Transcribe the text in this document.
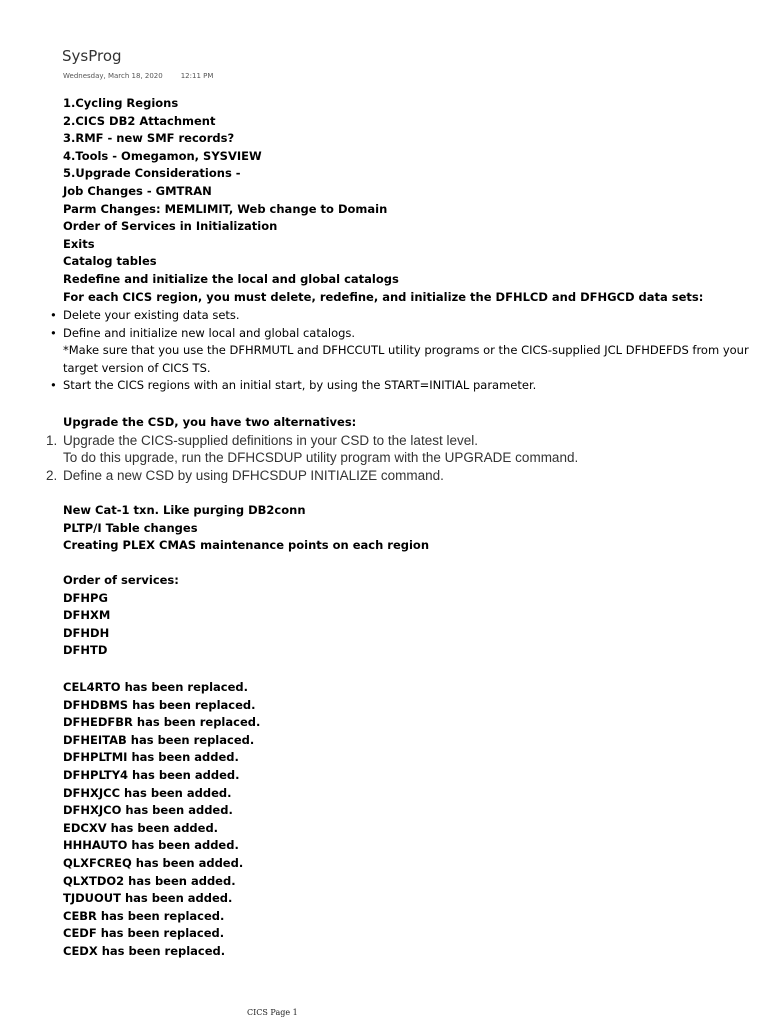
SysProg
Wednesday, March 18, 2020	12:11 PM
1.Cycling Regions
2.CICS DB2 Attachment
3.RMF - new SMF records?
4.Tools - Omegamon, SYSVIEW
5.Upgrade Considerations -
Job Changes - GMTRAN
Parm Changes: MEMLIMIT, Web change to Domain
Order of Services in Initialization
Exits
Catalog tables
Redefine and initialize the local and global catalogs
For each CICS region, you must delete, redefine, and initialize the DFHLCD and DFHGCD data sets:
• Delete your existing data sets.
• Define and initialize new local and global catalogs.
*Make sure that you use the DFHRMUTL and DFHCCUTL utility programs or the CICS-supplied JCL DFHDEFDS from your
target version of CICS TS.
• Start the CICS regions with an initial start, by using the START=INITIAL parameter.
Upgrade the CSD, you have two alternatives:
1. Upgrade the CICS-supplied definitions in your CSD to the latest level.
To do this upgrade, run the DFHCSDUP utility program with the UPGRADE command.
2. Define a new CSD by using DFHCSDUP INITIALIZE command.
New Cat-1 txn. Like purging DB2conn
PLTP/I Table changes
Creating PLEX CMAS maintenance points on each region
Order of services:
DFHPG
DFHXM
DFHDH
DFHTD
CEL4RTO has been replaced.
DFHDBMS has been replaced.
DFHEDFBR has been replaced.
DFHEITAB has been replaced.
DFHPLTMI has been added.
DFHPLTY4 has been added.
DFHXJCC has been added.
DFHXJCO has been added.
EDCXV has been added.
HHHAUTO has been added.
QLXFCREQ has been added.
QLXTDO2 has been added.
TJDUOUT has been added.
CEBR has been replaced.
CEDF has been replaced.
CEDX has been replaced.
CICS Page 1
